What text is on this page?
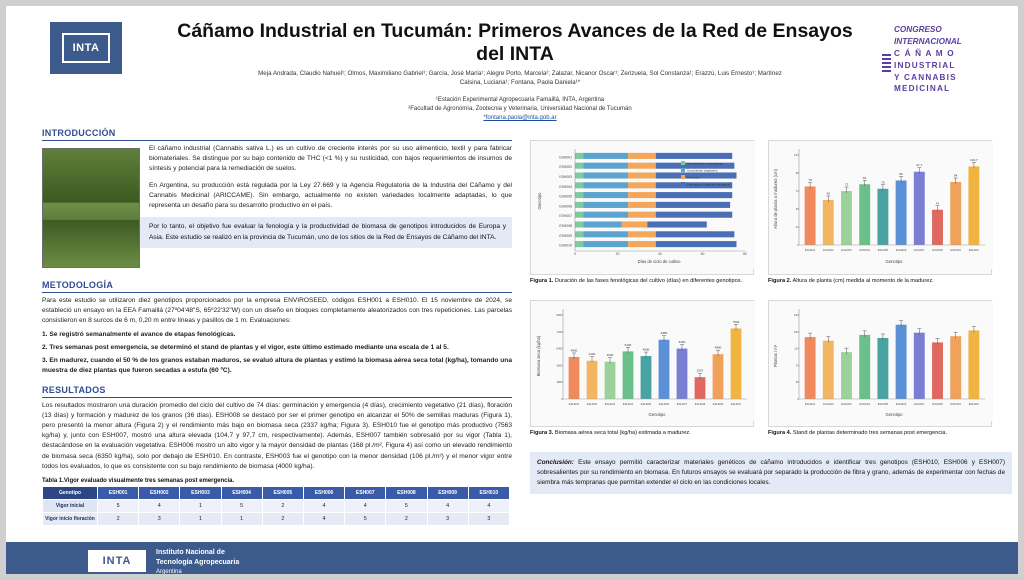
INTA
Cáñamo Industrial en Tucumán: Primeros Avances de la Red de Ensayos del INTA
Meja Andrada, Claudio Nahuel¹; Olmos, Maximiliano Gabriel¹; García, José María¹; Alegre Porto, Marcela²; Zalazar, Nicanor Oscar¹; Zerizuela, Sol Constanza¹; Erazzú, Luis Ernesto¹; Martínez Calsina, Luciana¹; Fontana, Paola Daniela¹*
¹Estación Experimental Agropecuaria Famaillá, INTA, Argentina
²Facultad de Agronomía, Zootecnia y Veterinaria, Universidad Nacional de Tucumán
*fontana.paola@inta.gob.ar
CONGRESO
INTERNACIONAL
C Á Ñ A M O
INDUSTRIAL
Y CANNABIS
MEDICINAL
INTRODUCCIÓN

El cáñamo industrial (Cannabis sativa L.) es un cultivo de creciente interés por su uso alimenticio, textil y para fabricar biomateriales. Se distingue por su bajo contenido de THC (<1 %) y su rusticidad, con bajos requerimientos de insumos de síntesis y potencial para la remediación de suelos.

En Argentina, su producción está regulada por la Ley 27.669 y la Agencia Regulatoria de la Industria del Cáñamo y del Cannabis Medicinal (ARICCAME). Sin embargo, actualmente no existen variedades localmente adaptadas, lo que representa un desafío para su desarrollo productivo en el país.

Por lo tanto, el objetivo fue evaluar la fenología y la productividad de biomasa de genotipos introducidos de Europa y Asia. Este estudio se realizó en la provincia de Tucumán, uno de los sitios de la Red de Ensayos de Cáñamo del INTA.
METODOLOGÍA

Para este estudio se utilizaron diez genotipos proporcionados por la empresa ENVIROSEED, códigos ESH001 a ESH010. El 15 noviembre de 2024, se estableció un ensayo en la EEA Famaillá (27º04'48"S, 65º22'32"W) con un diseño en bloques completamente aleatorizados con tres repeticiones. Las parcelas consistieron en 8 surcos de 6 m, 0,20 m entre líneas y pasillos de 1 m. Evaluaciones:

1. Se registró semanalmente el avance de etapas fenológicas.

2. Tres semanas post emergencia, se determinó el stand de plantas y el vigor, este último estimado mediante una escala de 1 al 5.

3. En madurez, cuando el 50 % de los granos estaban maduros, se evaluó altura de plantas y estimó la biomasa aérea seca total (kg/ha), tomando una muestra de diez plantas que fueron secadas a estufa (60 ºC).

RESULTADOS

Los resultados mostraron una duración promedio del ciclo del cultivo de 74 días: germinación y emergencia (4 días), crecimiento vegetativo (21 días), floración (13 días) y formación y madurez de los granos (36 días). ESH008 se destacó por ser el primer genotipo en alcanzar el 50% de semillas maduras (Figura 1), pero presentó la menor altura (Figura 2) y el rendimiento más bajo en biomasa seca (2337 kg/ha; Figura 3). ESH010 fue el genotipo más productivo (7563 kg/ha) y, junto con ESH007, mostró una altura elevada (104,7 y 97,7 cm, respectivamente). Además, ESH007 también sobresalió por su vigor (Tabla 1), destacándose en la evaluación vegetativa. ESH006 mostró un alto vigor y la mayor densidad de plantas (168 pl./m², Figura 4) así como un elevado rendimiento de biomasa seca (6350 kg/ha), solo por debajo de ESH010. En contraste, ESH003 fue el genotipo con la menor densidad (106 pl./m²) y el menor vigor entre todos los evaluados, lo que es consistente con su bajo rendimiento de biomasa (4000 kg/ha).

Tabla 1.Vigor evaluado visualmente tres semanas post emergencia.
Genotipo	ESH001	ESH002	ESH003	ESH004	ESH005	ESH006	ESH007	ESH008	ESH009	ESH010
Vigor inicial	5	4	1	5	2	4	4	5	4	4
Vigor inicio floración	2	3	1	1	2	4	5	2	3	3
ESH001
ESH002
ESH003
ESH004
ESH005
ESH006
ESH007
ESH008
ESH009
ESH010
0	20	40	60	80
Germinación y emergencia
Crecimiento vegetativo
Floración
Formación y madurez de granos
Días de ciclo de cultivo
Genotipo
Figura 1. Duración de las fases fenológicas del cultivo (días) en diferentes genotipos.
78
ESH001
60
ESH002
72
ESH003
81
ESH004
75
ESH005
86
ESH006
97.7
ESH007
47
ESH008
84
ESH009
104.7
ESH010
0
24
48
72
96
120
Genotipo
Altura de planta a madurez (cm)
Figura 2. Altura de planta (cm) medida al momento de la madurez.
4500
ESH001
4100
ESH002
4000
ESH003
5100
ESH004
4600
ESH005
6350
ESH006
5400
ESH007
2337
ESH008
4800
ESH009
7563
ESH010
0
1800
3600
5400
7200
9000
Genotipo
Biomasa seca (kg/ha)
Figura 3. Biomasa aérea seca total (kg/ha) estimada a madurez.
ESH001	ESH002	ESH003	ESH004	ESH005	ESH006	ESH007	ESH008	ESH009	ESH010
0
38
76
114
152
190
Genotipo
Plantas / m²
Figura 4. Stand de plantas determinado tres semanas post emergencia.
Conclusión: Este ensayo permitió caracterizar materiales genéticos de cáñamo introducidos e identificar tres genotipos (ESH010, ESH006 y ESH007) sobresalientes por su rendimiento en biomasa. En futuros ensayos se evaluará por separado la producción de fibra y grano, además de experimentar con fechas de siembra más tempranas que permitan extender el ciclo en las condiciones locales.
INTA
Instituto Nacional de
Tecnología Agropecuaria
Argentina
